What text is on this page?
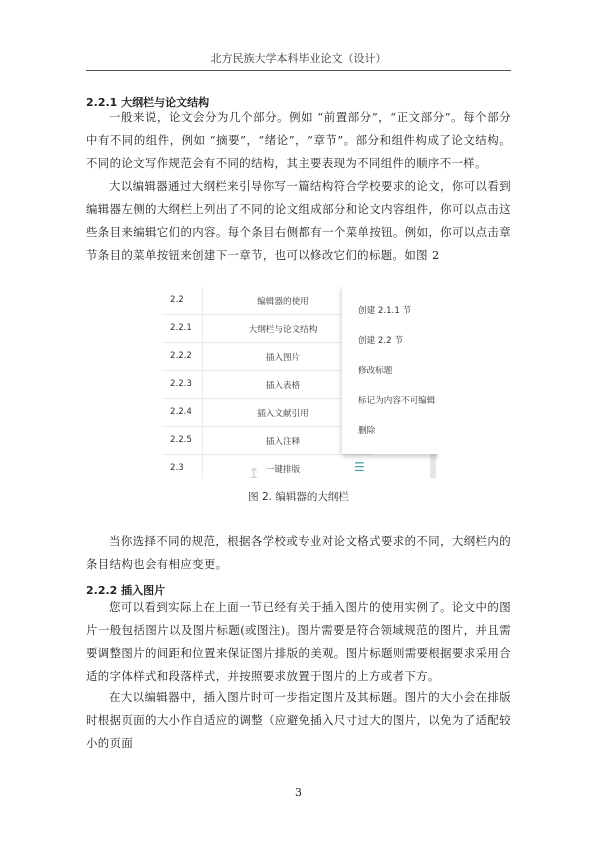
北方民族大学本科毕业论文（设计）
2.2.1 大纲栏与论文结构

一般来说，论文会分为几个部分。例如 “前置部分”，“正文部分”。每个部分中有不同的组件，例如 “摘要”，“绪论”，“章节”。部分和组件构成了论文结构。不同的论文写作规范会有不同的结构，其主要表现为不同组件的顺序不一样。

大以编辑器通过大纲栏来引导你写一篇结构符合学校要求的论文，你可以看到编辑器左侧的大纲栏上列出了不同的论文组成部分和论文内容组件，你可以点击这些条目来编辑它们的内容。每个条目右侧都有一个菜单按钮。例如，你可以点击章节条目的菜单按钮来创建下一章节，也可以修改它们的标题。如图 2

2.2	编辑器的使用
2.2.1	大纲栏与论文结构
2.2.2	插入图片
2.2.3	插入表格
2.2.4	插入文献引用
2.2.5	插入注释
2.3	一键排版	☰
↥
创建 2.1.1 节
创建 2.2 节
修改标题
标记为内容不可编辑
删除
图 2. 编辑器的大纲栏

当你选择不同的规范，根据各学校或专业对论文格式要求的不同，大纲栏内的条目结构也会有相应变更。

2.2.2 插入图片

您可以看到实际上在上面一节已经有关于插入图片的使用实例了。论文中的图片一般包括图片以及图片标题(或图注)。图片需要是符合领域规范的图片，并且需要调整图片的间距和位置来保证图片排版的美观。图片标题则需要根据要求采用合适的字体样式和段落样式，并按照要求放置于图片的上方或者下方。

在大以编辑器中，插入图片时可一步指定图片及其标题。图片的大小会在排版时根据页面的大小作自适应的调整（应避免插入尺寸过大的图片，以免为了适配较小的页面

3
